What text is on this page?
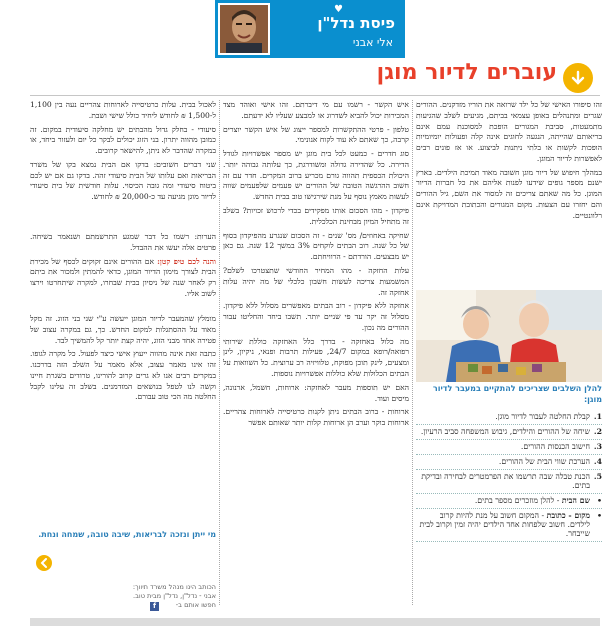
♥
פיסת נדל"ן
אלי אבני
עוברים לדיור מוגן

זהו סיפורו האישי של כל ילד שרואה את הוריו מזדקנים. ההורים שגרים ומתנהלים באופן עצמאי בביתם, מגיעים לשלב שהגיעות מתמעטות, סביבת המגורים הופכת למסוכנת עמם אינם בריאותם שהייתה, הנגעה לחוגים אינה קלה ופעולות יומיומיות הופכות לקשות או בלתי ניתנות לביצוע. או אז פונים רבים לאפשרות לדיור המוגן.

במהלך חיפוש של דיור מוגן חשובה מאוד תמיכת הילדים. בארץ ישנם מספר גופים שידעו לפנות אליהם את כל חברות הדיור המוגן. כל מה שאתם צריכים זה למסור את השם, גיל ההורים והם יחזרו עם הצעות. מקום המגורים והכתובת המדויקת אינם רלוונטיים.

להלן השלבים שצריכים להתקיים במעבר לדיור מוגן:
1.
קבלת החלטה לעבור לדיור מוגן.
2.
שיחה של ההורים והילדים, גיבוש המשפחה סביב הרעיון.
3.
חישוב הכנסות ההורים.
4.
הערכת שווי הבית של ההורים.
5.
הכנת טבלה שבה תרשמו את הפרמטרים לבחירה ובדיקת בתים.
•
שם הבית - להלן מוזכרים מספר בתים.
•
מקום - כתובת - המקום חשוב על מנת להיות קרוב לילדים. חשוב שלפחות אחד הילדים יהיה זמין וקרוב לבית שייבחר.

איש הקשר - רשמו עם מי דיברתם. זהו אישי ואוהד מצד המכירות יכול להביא לשדרוג או למבצע שעליו לא ידעתם.

טלפון - פרטי ההתקשרות למספר ייצוג של איש הקשר יוצרים קרבה, כך שאתם לא עוד לקוח אנונימי.

סוג חדרים - כמעט לכל בית מוגן יש מספר אפשרויות לגודל הדירה. כל שהדירה גדולה ומשודרגת, כך עלותה גבוהה יותר. היכולת הכספית תהווה גורם מכריע ברוב המקרים. חדר עם זה חשוב ההרגשה הטובה של ההורים יש פעמים שלפעמים שווה לעשות מאמץ נוסף על מנת שירגישו טוב בבית החדש.

פיקדון - מהו הסכום אותו מפקידים בכדי לרכוש זכויות? בשלב זה מתחיל המיון מבחינת הכלכלית.

שחיקה באחוזים/ מס' שנים - זה הסכום שנגרע מהפיקדון בסוף של כל שנה. רוב הבתים לוקחים 3% במשך 12 שנה. גם כאן יש מבצעים. הורדתם - הרוויחתם.

עלות החזקה - מהו המחיר החודשי שתצטרכו לשלם? המשמעות צריכה לעשות חשבון כלכלי של מה יהיה עלות אחזקה זה.

אחזקה ללא פיקדון - רוב הבתים מאפשרים מסלול ללא פיקדון. מסלול זה יקר עד פי שניים יותר. תשבו ביחד והחליטו עבור ההורים מה נכון.

מה כלול באחזקה - בדרך כלל האחזקה כוללת שירותי רפואה/רופא במקום 24/7, פעילות תרבות ופנאי, ניקיון, לינן ומצעים, לינק תוכן מפוקח, טלוויזיה רב ערוצית. כל השוואות על הבתים הכלולות שלא כוללות אפשרויות נוספות.

האם יש תוספות מעבר לאחזקה: ארוחות, חשמל, ארנונה, מיסים ועוד.

ארוחות - ברוב הבתים ניתן לקנות כרטיסייה לארוחות צהריים. ארוחות בוקר וערב הן ארוחות קלות יותר שאותם אפשר

לאכול בבית. עלות כרטיסייה לארוחות צהריים נעה בין 1,100 ל-1,500 ₪ לחודש ליחיד כולל שישי ושבת.

סיעודי - בחלק גדול מהבתים יש מחלקה סיעודית במקום. זה כמובן מהווה יתרון. בני הזוג יכולים לבקר כל יום ולעזור ביחד, או במקרה שהדבר לא ניתן, להישאר קרובים.

שני דברים חשובים: בדקו אם הבית נמצא בקו של משרד הבריאות ואם עלותו של הבית סיעודי זהה. בדקו גם אם יש לכם ביטוח סיעודי ומה גובה הכיסוי. עלות חודשית של בית סיעודי לדיור מוגן מגיעה עד כ-20,000 ₪ לחודש.

הערות: רשמו כל דבר שמגע התרשמתם ושנאמר בשיחה. פרטים אלה יעשו את ההבדל.

והנה לכם טיפ קטן: אם ההורים אינם זקוקים לכסף של מכירת הבית לצורך מימון הדיור המוגן, כדאי להמתין ולמכור את ביתם רק לאחר שנה של ניסיון בבית שבחרו, למקרה שיתחרטו וירצו לשוב אליו.

מומלץ שהמעבר לדיור המוגן ייעשה ע"י שני בני הזוג. זה מקל מאוד על ההסתגלות למקום החדש. כך, גם במקרה עצוב של פטירה אחד מבני הזוג, יהיה קצת יותר קל להמשיך לבד.

כתבה זאת אינה מהווה ייעוץ אישי כיצד לפעול. כל מקרה לגופו. זהו אינו מאמר עצוב, אלא מאמר על השלב הזה בדרכנו. במקרים רבים אנו לא גרים קרוב להורינו, טרודים בשגרת חיינו וקשה לנו לטפל בנושאים המזדמנים. בשלב זה עלינו לקבל החלטה מה הכי טוב עבורם.

מי ייתן ונזכה לבריאות, שיבה טובה, שמחה ונחת.
הכותב הינו מנהל משרד תיווך:
אבני - נדל"ן, נדל"ן מבית טוב.
חפשו אותם ב-
f
